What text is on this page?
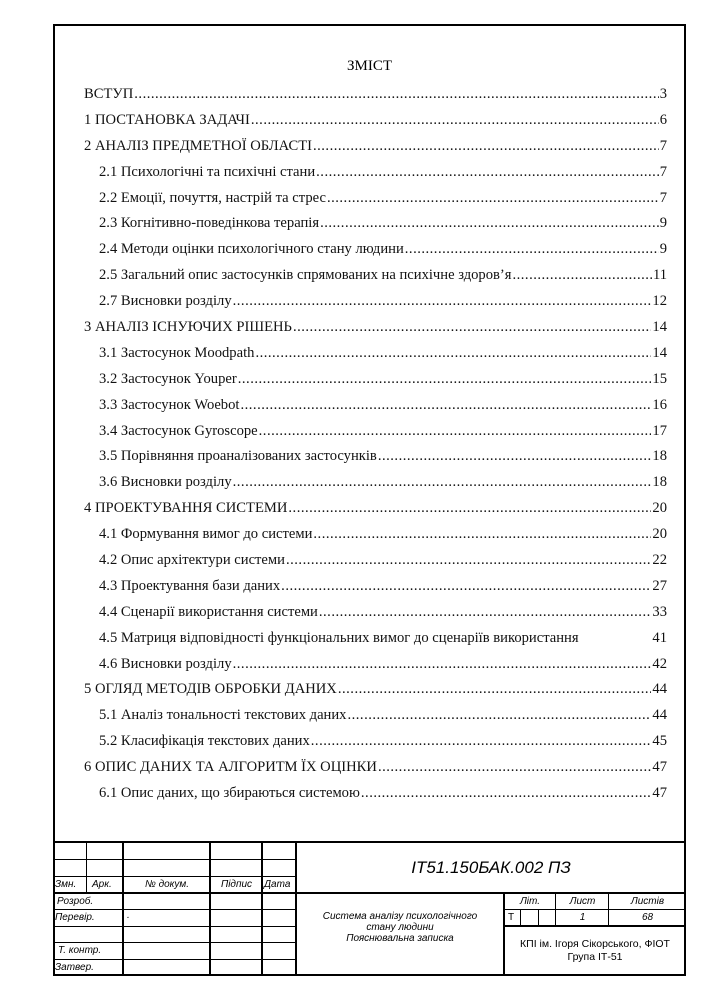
ЗМІСТ
ВСТУП .....	3
1 ПОСТАНОВКА ЗАДАЧІ .....	6
2 АНАЛІЗ ПРЕДМЕТНОЇ ОБЛАСТІ .....	7
2.1 Психологічні та психічні стани .....	7
2.2 Емоції, почуття, настрій та стрес .....	7
2.3 Когнітивно-поведінкова терапія .....	9
2.4 Методи оцінки психологічного стану людини .....	9
2.5 Загальний опис застосунків спрямованих на психічне здоров’я .....	11
2.7 Висновки розділу .....	12
3 АНАЛІЗ ІСНУЮЧИХ РІШЕНЬ .....	14
3.1 Застосунок Moodpath .....	14
3.2 Застосунок Youper .....	15
3.3 Застосунок Woebot .....	16
3.4 Застосунок Gyroscope .....	17
3.5 Порівняння проаналізованих застосунків .....	18
3.6 Висновки розділу .....	18
4 ПРОЕКТУВАННЯ СИСТЕМИ .....	20
4.1 Формування вимог до системи .....	20
4.2 Опис архітектури системи .....	22
4.3 Проектування бази даних .....	27
4.4 Сценарії використання системи .....	33
4.5 Матриця відповідності функціональних вимог до сценаріїв використання	41
4.6 Висновки розділу .....	42
5 ОГЛЯД МЕТОДІВ ОБРОБКИ ДАНИХ .....	44
5.1 Аналіз тональності текстових даних .....	44
5.2 Класифікація текстових даних .....	45
6 ОПИС ДАНИХ ТА АЛГОРИТМ ЇХ ОЦІНКИ .....	47
6.1 Опис даних, що збираються системою .....	47
Змн. Арк.	№ докум.	Підпис	Дата
Розроб.
Перевір.	.
Т. контр.
Затвер.
ІТ51.150БАК.002 ПЗ
Система аналізу психологічного
стану людини
Пояснювальна записка
Літ.	Лист	Листів
Т	1	68
КПІ ім. Ігоря Сікорського, ФІОТ
Група ІТ-51
